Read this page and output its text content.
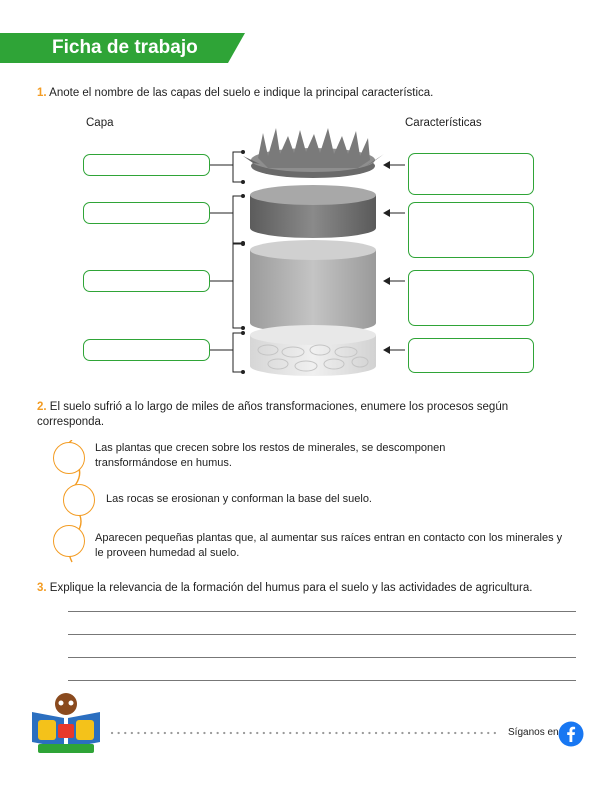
Ficha de trabajo
1. Anote el nombre de las capas del suelo e indique la principal característica.
Capa	Características
2. El suelo sufrió a lo largo de miles de años transformaciones, enumere los procesos según corresponda.
Las plantas que crecen sobre los restos de minerales, se descomponen transformándose en humus.
Las rocas se erosionan y conforman la base del suelo.
Aparecen pequeñas plantas que, al aumentar sus raíces entran en contacto con los minerales y le proveen humedad al suelo.
3. Explique la relevancia de la formación del humus para el suelo y las actividades de agricultura.
Síganos en
